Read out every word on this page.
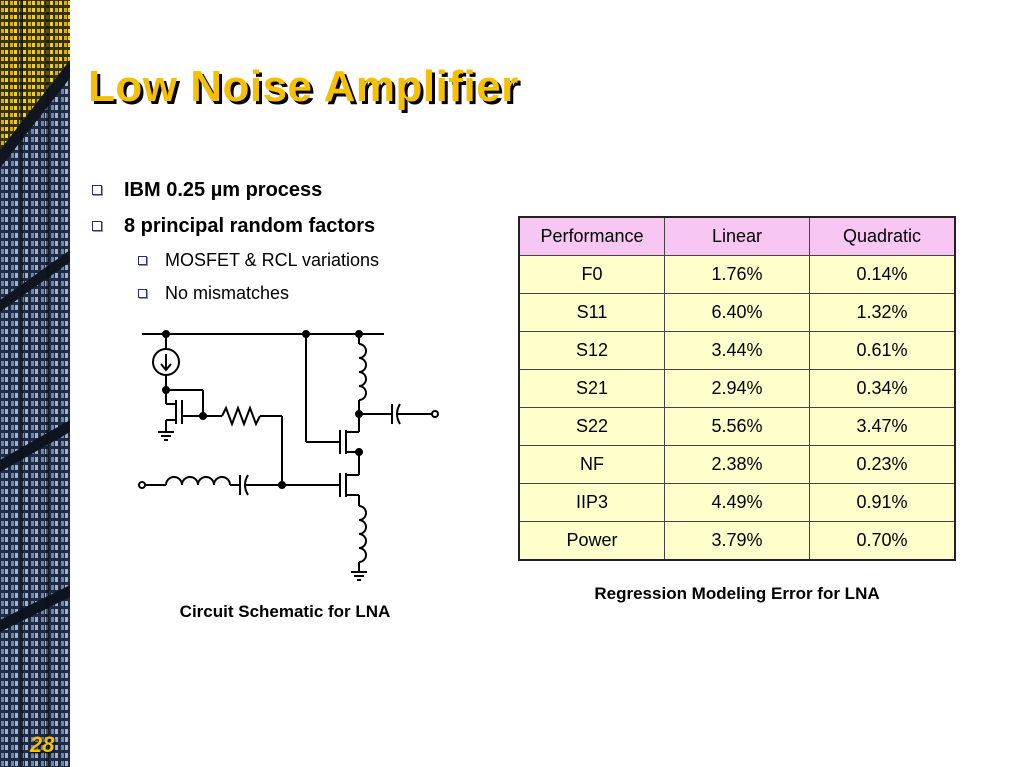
28
Low Noise Amplifier
IBM 0.25 µm process
8 principal random factors
MOSFET & RCL variations
No mismatches
Circuit Schematic for LNA
Performance	Linear	Quadratic
F0	1.76%	0.14%
S11	6.40%	1.32%
S12	3.44%	0.61%
S21	2.94%	0.34%
S22	5.56%	3.47%
NF	2.38%	0.23%
IIP3	4.49%	0.91%
Power	3.79%	0.70%
Regression Modeling Error for LNA
